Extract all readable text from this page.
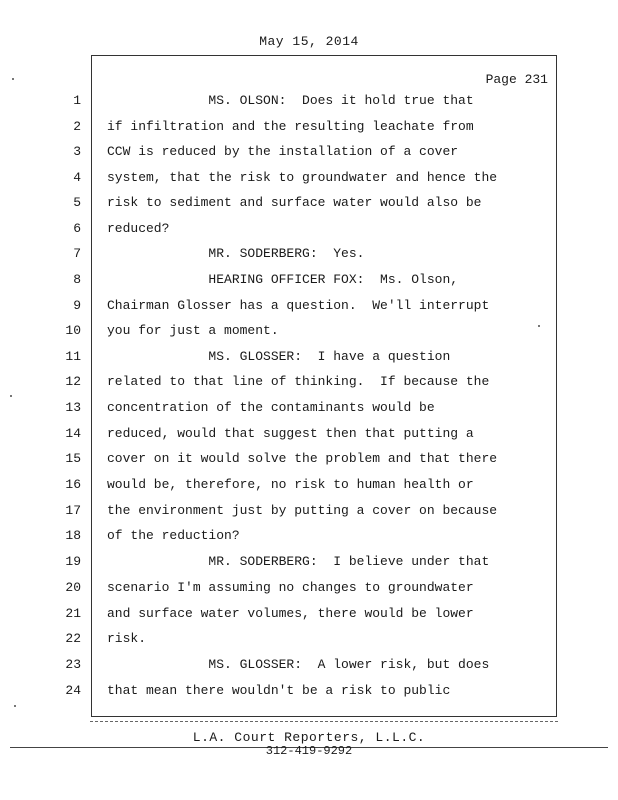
May 15, 2014
Page 231
1 MS. OLSON:  Does it hold true that
2 if infiltration and the resulting leachate from
3 CCW is reduced by the installation of a cover
4 system, that the risk to groundwater and hence the
5 risk to sediment and surface water would also be
6 reduced?
7 MR. SODERBERG:  Yes.
8 HEARING OFFICER FOX:  Ms. Olson,
9 Chairman Glosser has a question.  We'll interrupt
10 you for just a moment.
11 MS. GLOSSER:  I have a question
12 related to that line of thinking.  If because the
13 concentration of the contaminants would be
14 reduced, would that suggest then that putting a
15 cover on it would solve the problem and that there
16 would be, therefore, no risk to human health or
17 the environment just by putting a cover on because
18 of the reduction?
19 MR. SODERBERG:  I believe under that
20 scenario I'm assuming no changes to groundwater
21 and surface water volumes, there would be lower
22 risk.
23 MS. GLOSSER:  A lower risk, but does
24 that mean there wouldn't be a risk to public
L.A. Court Reporters, L.L.C.
312-419-9292
